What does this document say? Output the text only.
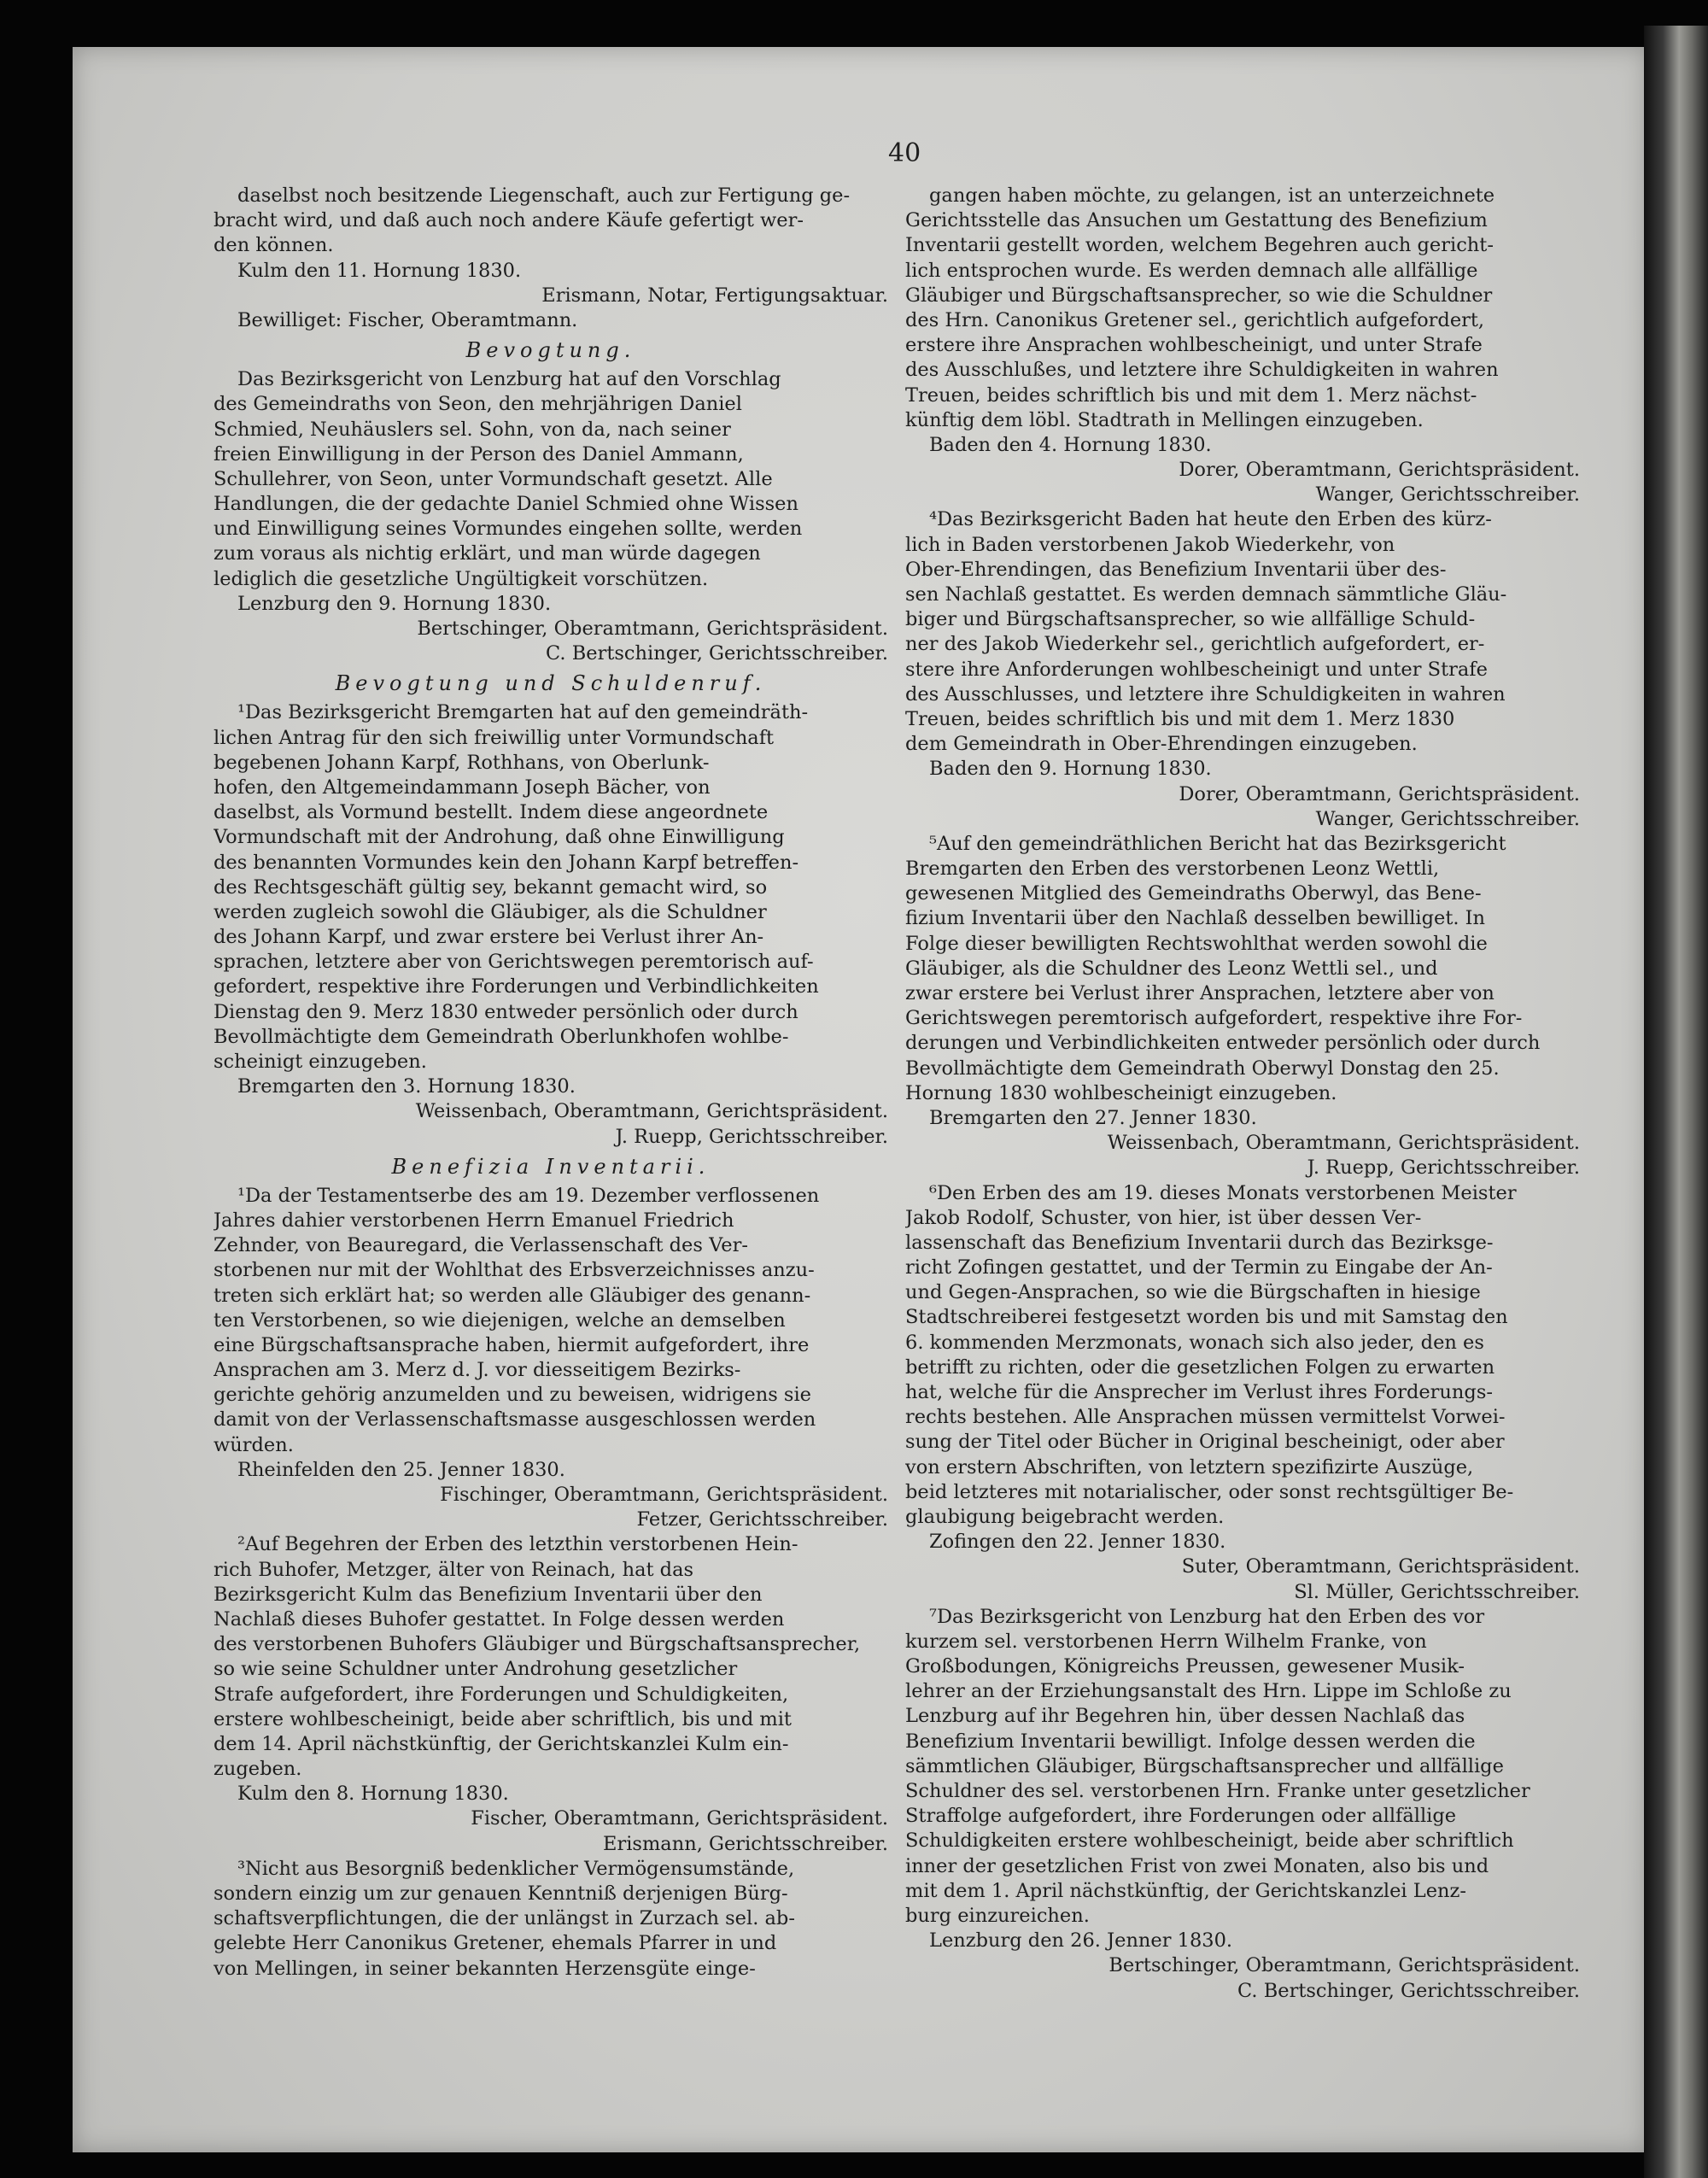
40
daselbst noch besitzende Liegenschaft, auch zur Fertigung ge-
bracht wird, und daß auch noch andere Käufe gefertigt wer-
den können.
Kulm den 11. Hornung 1830.
Erismann, Notar, Fertigungsaktuar.
Bewilliget: Fischer, Oberamtmann.
Bevogtung.
Das Bezirksgericht von Lenzburg hat auf den Vorschlag
des Gemeindraths von Seon, den mehrjährigen Daniel
Schmied, Neuhäuslers sel. Sohn, von da, nach seiner
freien Einwilligung in der Person des Daniel Ammann,
Schullehrer, von Seon, unter Vormundschaft gesetzt. Alle
Handlungen, die der gedachte Daniel Schmied ohne Wissen
und Einwilligung seines Vormundes eingehen sollte, werden
zum voraus als nichtig erklärt, und man würde dagegen
lediglich die gesetzliche Ungültigkeit vorschützen.
Lenzburg den 9. Hornung 1830.
Bertschinger, Oberamtmann, Gerichtspräsident.
C. Bertschinger, Gerichtsschreiber.
Bevogtung und Schuldenruf.
¹Das Bezirksgericht Bremgarten hat auf den gemeindräth-
lichen Antrag für den sich freiwillig unter Vormundschaft
begebenen Johann Karpf, Rothhans, von Oberlunk-
hofen, den Altgemeindammann Joseph Bächer, von
daselbst, als Vormund bestellt. Indem diese angeordnete
Vormundschaft mit der Androhung, daß ohne Einwilligung
des benannten Vormundes kein den Johann Karpf betreffen-
des Rechtsgeschäft gültig sey, bekannt gemacht wird, so
werden zugleich sowohl die Gläubiger, als die Schuldner
des Johann Karpf, und zwar erstere bei Verlust ihrer An-
sprachen, letztere aber von Gerichtswegen peremtorisch auf-
gefordert, respektive ihre Forderungen und Verbindlichkeiten
Dienstag den 9. Merz 1830 entweder persönlich oder durch
Bevollmächtigte dem Gemeindrath Oberlunkhofen wohlbe-
scheinigt einzugeben.
Bremgarten den 3. Hornung 1830.
Weissenbach, Oberamtmann, Gerichtspräsident.
J. Ruepp, Gerichtsschreiber.
Benefizia Inventarii.
¹Da der Testamentserbe des am 19. Dezember verflossenen
Jahres dahier verstorbenen Herrn Emanuel Friedrich
Zehnder, von Beauregard, die Verlassenschaft des Ver-
storbenen nur mit der Wohlthat des Erbsverzeichnisses anzu-
treten sich erklärt hat; so werden alle Gläubiger des genann-
ten Verstorbenen, so wie diejenigen, welche an demselben
eine Bürgschaftsansprache haben, hiermit aufgefordert, ihre
Ansprachen am 3. Merz d. J. vor diesseitigem Bezirks-
gerichte gehörig anzumelden und zu beweisen, widrigens sie
damit von der Verlassenschaftsmasse ausgeschlossen werden
würden.
Rheinfelden den 25. Jenner 1830.
Fischinger, Oberamtmann, Gerichtspräsident.
Fetzer, Gerichtsschreiber.
²Auf Begehren der Erben des letzthin verstorbenen Hein-
rich Buhofer, Metzger, älter von Reinach, hat das
Bezirksgericht Kulm das Benefizium Inventarii über den
Nachlaß dieses Buhofer gestattet. In Folge dessen werden
des verstorbenen Buhofers Gläubiger und Bürgschaftsansprecher,
so wie seine Schuldner unter Androhung gesetzlicher
Strafe aufgefordert, ihre Forderungen und Schuldigkeiten,
erstere wohlbescheinigt, beide aber schriftlich, bis und mit
dem 14. April nächstkünftig, der Gerichtskanzlei Kulm ein-
zugeben.
Kulm den 8. Hornung 1830.
Fischer, Oberamtmann, Gerichtspräsident.
Erismann, Gerichtsschreiber.
³Nicht aus Besorgniß bedenklicher Vermögensumstände,
sondern einzig um zur genauen Kenntniß derjenigen Bürg-
schaftsverpflichtungen, die der unlängst in Zurzach sel. ab-
gelebte Herr Canonikus Gretener, ehemals Pfarrer in und
von Mellingen, in seiner bekannten Herzensgüte einge-
gangen haben möchte, zu gelangen, ist an unterzeichnete
Gerichtsstelle das Ansuchen um Gestattung des Benefizium
Inventarii gestellt worden, welchem Begehren auch gericht-
lich entsprochen wurde. Es werden demnach alle allfällige
Gläubiger und Bürgschaftsansprecher, so wie die Schuldner
des Hrn. Canonikus Gretener sel., gerichtlich aufgefordert,
erstere ihre Ansprachen wohlbescheinigt, und unter Strafe
des Ausschlußes, und letztere ihre Schuldigkeiten in wahren
Treuen, beides schriftlich bis und mit dem 1. Merz nächst-
künftig dem löbl. Stadtrath in Mellingen einzugeben.
Baden den 4. Hornung 1830.
Dorer, Oberamtmann, Gerichtspräsident.
Wanger, Gerichtsschreiber.
⁴Das Bezirksgericht Baden hat heute den Erben des kürz-
lich in Baden verstorbenen Jakob Wiederkehr, von
Ober-Ehrendingen, das Benefizium Inventarii über des-
sen Nachlaß gestattet. Es werden demnach sämmtliche Gläu-
biger und Bürgschaftsansprecher, so wie allfällige Schuld-
ner des Jakob Wiederkehr sel., gerichtlich aufgefordert, er-
stere ihre Anforderungen wohlbescheinigt und unter Strafe
des Ausschlusses, und letztere ihre Schuldigkeiten in wahren
Treuen, beides schriftlich bis und mit dem 1. Merz 1830
dem Gemeindrath in Ober-Ehrendingen einzugeben.
Baden den 9. Hornung 1830.
Dorer, Oberamtmann, Gerichtspräsident.
Wanger, Gerichtsschreiber.
⁵Auf den gemeindräthlichen Bericht hat das Bezirksgericht
Bremgarten den Erben des verstorbenen Leonz Wettli,
gewesenen Mitglied des Gemeindraths Oberwyl, das Bene-
fizium Inventarii über den Nachlaß desselben bewilliget. In
Folge dieser bewilligten Rechtswohlthat werden sowohl die
Gläubiger, als die Schuldner des Leonz Wettli sel., und
zwar erstere bei Verlust ihrer Ansprachen, letztere aber von
Gerichtswegen peremtorisch aufgefordert, respektive ihre For-
derungen und Verbindlichkeiten entweder persönlich oder durch
Bevollmächtigte dem Gemeindrath Oberwyl Donstag den 25.
Hornung 1830 wohlbescheinigt einzugeben.
Bremgarten den 27. Jenner 1830.
Weissenbach, Oberamtmann, Gerichtspräsident.
J. Ruepp, Gerichtsschreiber.
⁶Den Erben des am 19. dieses Monats verstorbenen Meister
Jakob Rodolf, Schuster, von hier, ist über dessen Ver-
lassenschaft das Benefizium Inventarii durch das Bezirksge-
richt Zofingen gestattet, und der Termin zu Eingabe der An-
und Gegen-Ansprachen, so wie die Bürgschaften in hiesige
Stadtschreiberei festgesetzt worden bis und mit Samstag den
6. kommenden Merzmonats, wonach sich also jeder, den es
betrifft zu richten, oder die gesetzlichen Folgen zu erwarten
hat, welche für die Ansprecher im Verlust ihres Forderungs-
rechts bestehen. Alle Ansprachen müssen vermittelst Vorwei-
sung der Titel oder Bücher in Original bescheinigt, oder aber
von erstern Abschriften, von letztern spezifizirte Auszüge,
beid letzteres mit notarialischer, oder sonst rechtsgültiger Be-
glaubigung beigebracht werden.
Zofingen den 22. Jenner 1830.
Suter, Oberamtmann, Gerichtspräsident.
Sl. Müller, Gerichtsschreiber.
⁷Das Bezirksgericht von Lenzburg hat den Erben des vor
kurzem sel. verstorbenen Herrn Wilhelm Franke, von
Großbodungen, Königreichs Preussen, gewesener Musik-
lehrer an der Erziehungsanstalt des Hrn. Lippe im Schloße zu
Lenzburg auf ihr Begehren hin, über dessen Nachlaß das
Benefizium Inventarii bewilligt. Infolge dessen werden die
sämmtlichen Gläubiger, Bürgschaftsansprecher und allfällige
Schuldner des sel. verstorbenen Hrn. Franke unter gesetzlicher
Straffolge aufgefordert, ihre Forderungen oder allfällige
Schuldigkeiten erstere wohlbescheinigt, beide aber schriftlich
inner der gesetzlichen Frist von zwei Monaten, also bis und
mit dem 1. April nächstkünftig, der Gerichtskanzlei Lenz-
burg einzureichen.
Lenzburg den 26. Jenner 1830.
Bertschinger, Oberamtmann, Gerichtspräsident.
C. Bertschinger, Gerichtsschreiber.
